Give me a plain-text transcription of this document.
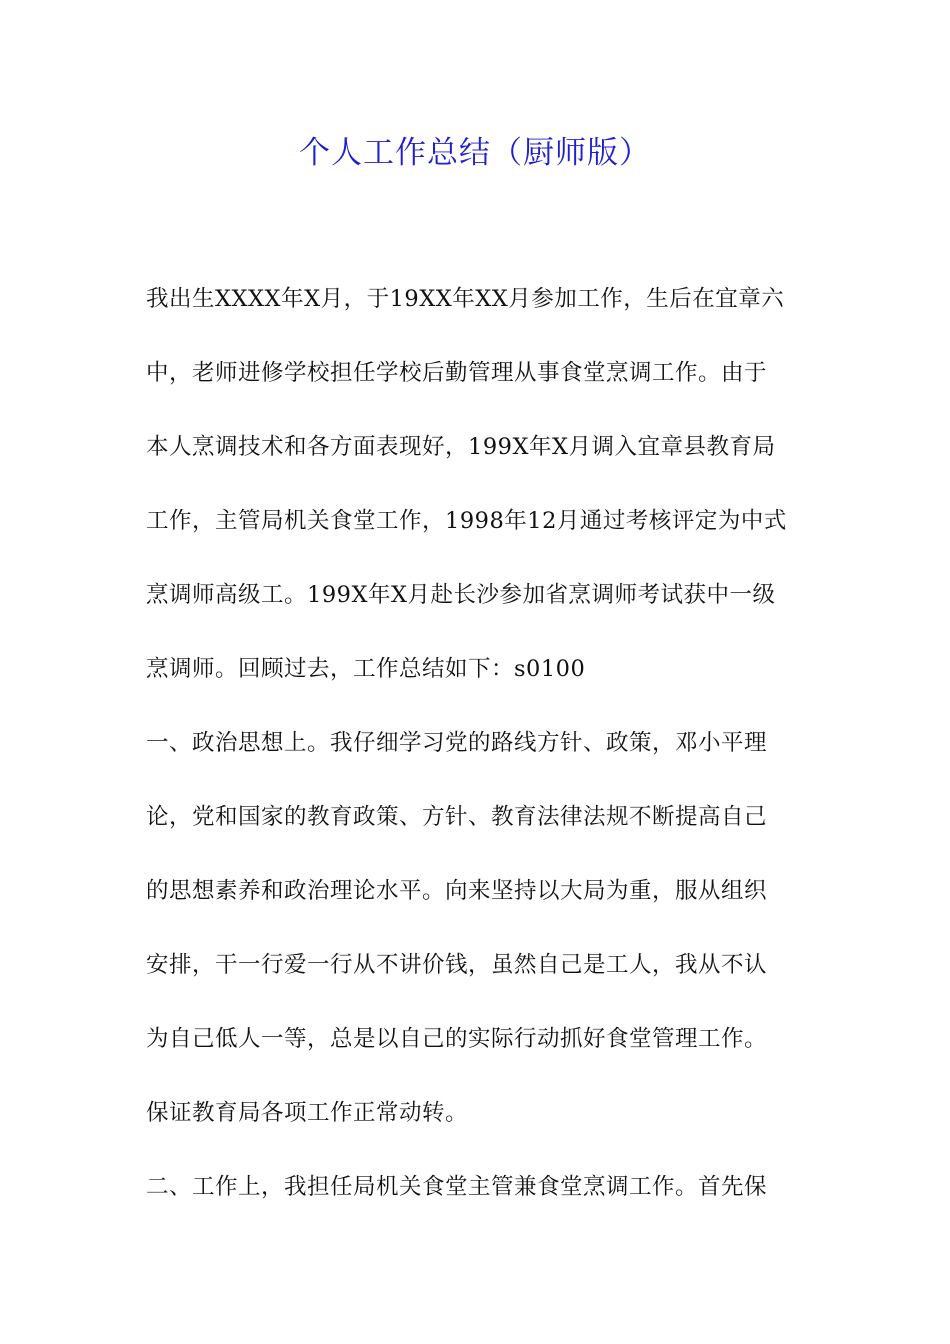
个人工作总结（厨师版）

我出生XXXX年X月，于19XX年XX月参加工作，生后在宜章六
中，老师进修学校担任学校后勤管理从事食堂烹调工作。由于
本人烹调技术和各方面表现好，199X年X月调入宜章县教育局
工作，主管局机关食堂工作，1998年12月通过考核评定为中式
烹调师高级工。199X年X月赴长沙参加省烹调师考试获中一级
烹调师。回顾过去，工作总结如下：s0100

一、政治思想上。我仔细学习党的路线方针、政策，邓小平理
论，党和国家的教育政策、方针、教育法律法规不断提高自己
的思想素养和政治理论水平。向来坚持以大局为重，服从组织
安排，干一行爱一行从不讲价钱，虽然自己是工人，我从不认
为自己低人一等，总是以自己的实际行动抓好食堂管理工作。
保证教育局各项工作正常动转。

二、工作上，我担任局机关食堂主管兼食堂烹调工作。首先保
